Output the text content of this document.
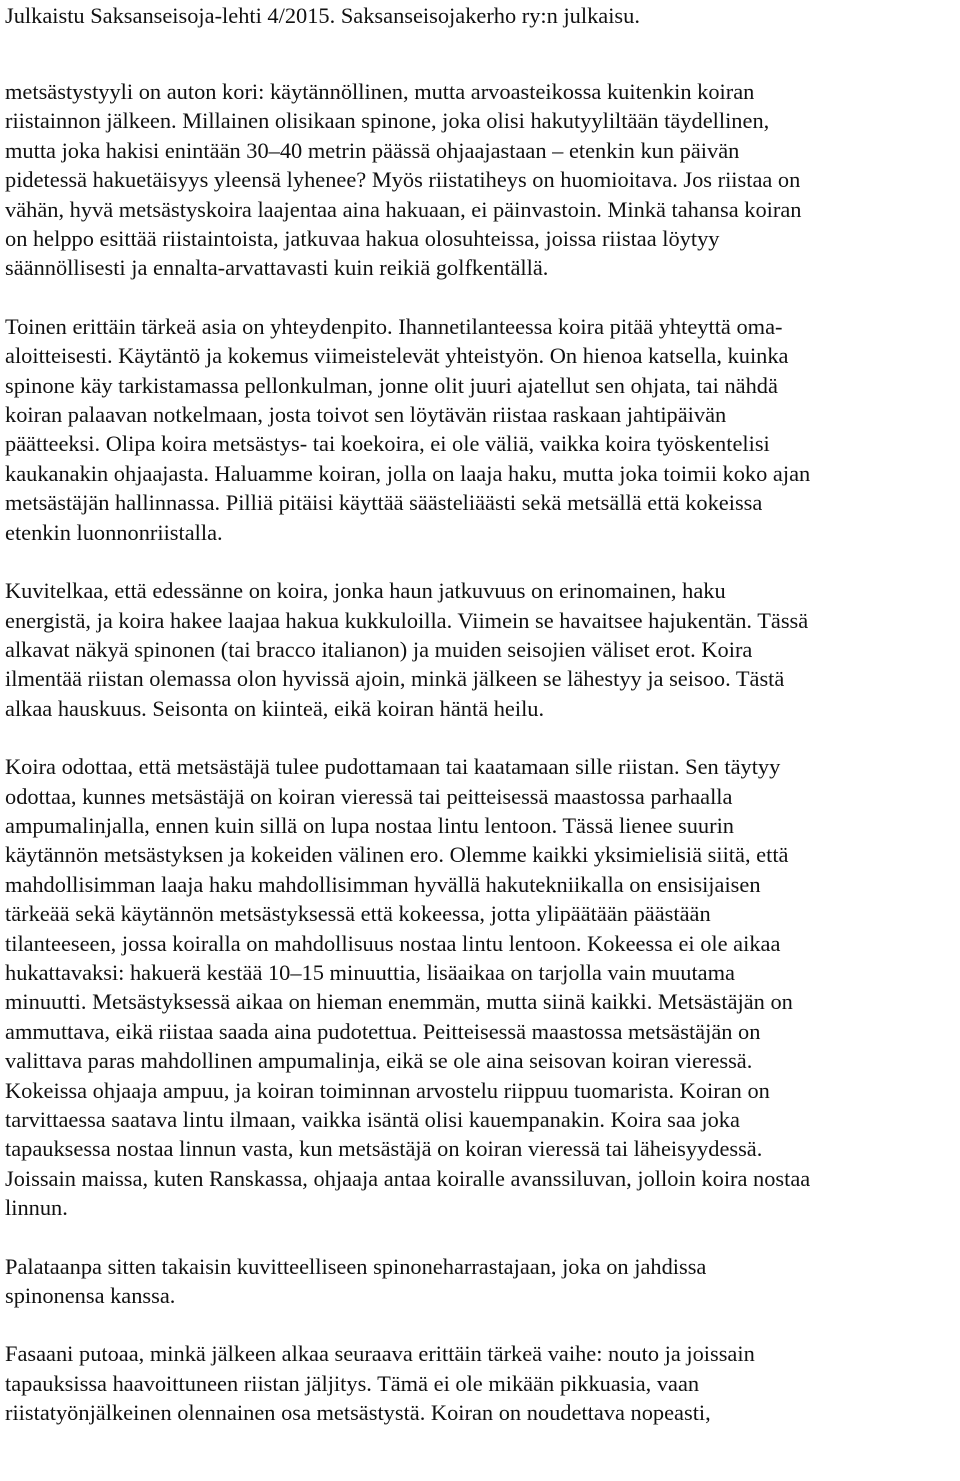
Julkaistu Saksanseisoja-lehti 4/2015. Saksanseisojakerho ry:n julkaisu.

metsästystyyli on auton kori: käytännöllinen, mutta arvoasteikossa kuitenkin koiran
riistainnon jälkeen. Millainen olisikaan spinone, joka olisi hakutyyliltään täydellinen,
mutta joka hakisi enintään 30–40 metrin päässä ohjaajastaan – etenkin kun päivän
pidetessä hakuetäisyys yleensä lyhenee? Myös riistatiheys on huomioitava. Jos riistaa on
vähän, hyvä metsästyskoira laajentaa aina hakuaan, ei päinvastoin. Minkä tahansa koiran
on helppo esittää riistaintoista, jatkuvaa hakua olosuhteissa, joissa riistaa löytyy
säännöllisesti ja ennalta-arvattavasti kuin reikiä golfkentällä.

Toinen erittäin tärkeä asia on yhteydenpito. Ihannetilanteessa koira pitää yhteyttä oma-
aloitteisesti. Käytäntö ja kokemus viimeistelevät yhteistyön. On hienoa katsella, kuinka
spinone käy tarkistamassa pellonkulman, jonne olit juuri ajatellut sen ohjata, tai nähdä
koiran palaavan notkelmaan, josta toivot sen löytävän riistaa raskaan jahtipäivän
päätteeksi. Olipa koira metsästys- tai koekoira, ei ole väliä, vaikka koira työskentelisi
kaukanakin ohjaajasta. Haluamme koiran, jolla on laaja haku, mutta joka toimii koko ajan
metsästäjän hallinnassa. Pilliä pitäisi käyttää säästeliäästi sekä metsällä että kokeissa
etenkin luonnonriistalla.

Kuvitelkaa, että edessänne on koira, jonka haun jatkuvuus on erinomainen, haku
energistä, ja koira hakee laajaa hakua kukkuloilla. Viimein se havaitsee hajukentän. Tässä
alkavat näkyä spinonen (tai bracco italianon) ja muiden seisojien väliset erot. Koira
ilmentää riistan olemassa olon hyvissä ajoin, minkä jälkeen se lähestyy ja seisoo. Tästä
alkaa hauskuus. Seisonta on kiinteä, eikä koiran häntä heilu.

Koira odottaa, että metsästäjä tulee pudottamaan tai kaatamaan sille riistan. Sen täytyy
odottaa, kunnes metsästäjä on koiran vieressä tai peitteisessä maastossa parhaalla
ampumalinjalla, ennen kuin sillä on lupa nostaa lintu lentoon. Tässä lienee suurin
käytännön metsästyksen ja kokeiden välinen ero. Olemme kaikki yksimielisiä siitä, että
mahdollisimman laaja haku mahdollisimman hyvällä hakutekniikalla on ensisijaisen
tärkeää sekä käytännön metsästyksessä että kokeessa, jotta ylipäätään päästään
tilanteeseen, jossa koiralla on mahdollisuus nostaa lintu lentoon. Kokeessa ei ole aikaa
hukattavaksi: hakuerä kestää 10–15 minuuttia, lisäaikaa on tarjolla vain muutama
minuutti. Metsästyksessä aikaa on hieman enemmän, mutta siinä kaikki. Metsästäjän on
ammuttava, eikä riistaa saada aina pudotettua. Peitteisessä maastossa metsästäjän on
valittava paras mahdollinen ampumalinja, eikä se ole aina seisovan koiran vieressä.
Kokeissa ohjaaja ampuu, ja koiran toiminnan arvostelu riippuu tuomarista. Koiran on
tarvittaessa saatava lintu ilmaan, vaikka isäntä olisi kauempanakin. Koira saa joka
tapauksessa nostaa linnun vasta, kun metsästäjä on koiran vieressä tai läheisyydessä.
Joissain maissa, kuten Ranskassa, ohjaaja antaa koiralle avanssiluvan, jolloin koira nostaa
linnun.

Palataanpa sitten takaisin kuvitteelliseen spinoneharrastajaan, joka on jahdissa
spinonensa kanssa.

Fasaani putoaa, minkä jälkeen alkaa seuraava erittäin tärkeä vaihe: nouto ja joissain
tapauksissa haavoittuneen riistan jäljitys. Tämä ei ole mikään pikkuasia, vaan
riistatyönjälkeinen olennainen osa metsästystä. Koiran on noudettava nopeasti,
